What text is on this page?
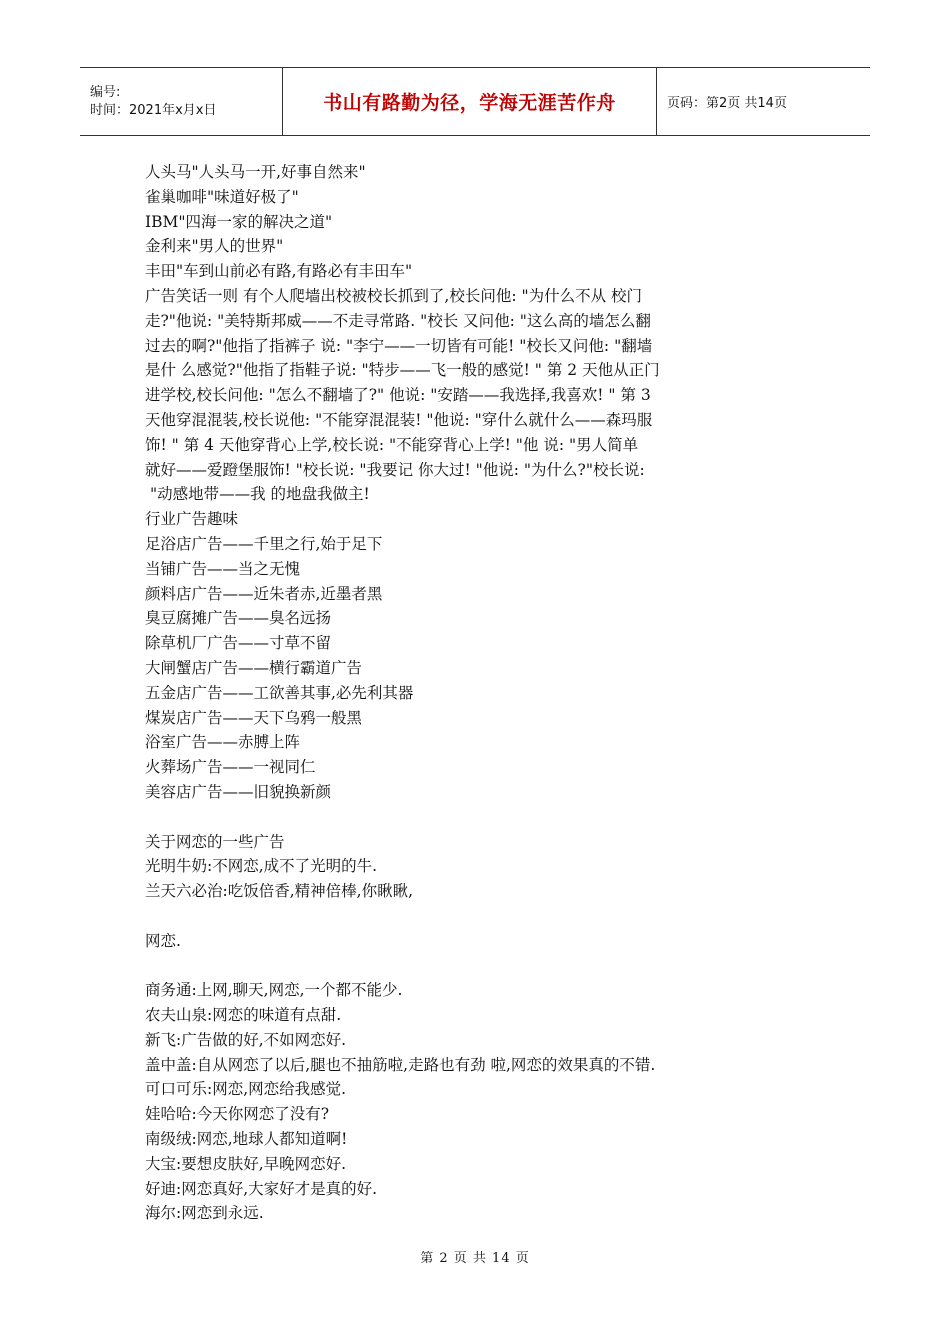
编号:
时间：2021年x月x日	书山有路勤为径，学海无涯苦作舟	页码：第2页 共14页

人头马"人头马一开,好事自然来"

雀巢咖啡"味道好极了"

IBM"四海一家的解决之道"

金利来"男人的世界"

丰田"车到山前必有路,有路必有丰田车"

广告笑话一则 有个人爬墙出校被校长抓到了,校长问他: "为什么不从 校门

走?"他说: "美特斯邦威——不走寻常路. "校长 又问他: "这么高的墙怎么翻

过去的啊?"他指了指裤子 说: "李宁——一切皆有可能! "校长又问他: "翻墙

是什 么感觉?"他指了指鞋子说: "特步——飞一般的感觉! " 第 2 天他从正门

进学校,校长问他: "怎么不翻墙了?" 他说: "安踏——我选择,我喜欢! " 第 3

天他穿混混装,校长说他: "不能穿混混装! "他说: "穿什么就什么——森玛服

饰! " 第 4 天他穿背心上学,校长说: "不能穿背心上学! "他 说: "男人简单

就好——爱蹬堡服饰! "校长说: "我要记 你大过! "他说: "为什么?"校长说:

"动感地带——我 的地盘我做主!

行业广告趣味

足浴店广告——千里之行,始于足下

当铺广告——当之无愧

颜料店广告——近朱者赤,近墨者黑

臭豆腐摊广告——臭名远扬

除草机厂广告——寸草不留

大闸蟹店广告——横行霸道广告

五金店广告——工欲善其事,必先利其器

煤炭店广告——天下乌鸦一般黑

浴室广告——赤膊上阵

火葬场广告——一视同仁

美容店广告——旧貌换新颜

关于网恋的一些广告

光明牛奶:不网恋,成不了光明的牛.

兰天六必治:吃饭倍香,精神倍棒,你瞅瞅,

网恋.

商务通:上网,聊天,网恋,一个都不能少.

农夫山泉:网恋的味道有点甜.

新飞:广告做的好,不如网恋好.

盖中盖:自从网恋了以后,腿也不抽筋啦,走路也有劲 啦,网恋的效果真的不错.

可口可乐:网恋,网恋给我感觉.

娃哈哈:今天你网恋了没有?

南级绒:网恋,地球人都知道啊!

大宝:要想皮肤好,早晚网恋好.

好迪:网恋真好,大家好才是真的好.

海尔:网恋到永远.

第 2 页 共 14 页
